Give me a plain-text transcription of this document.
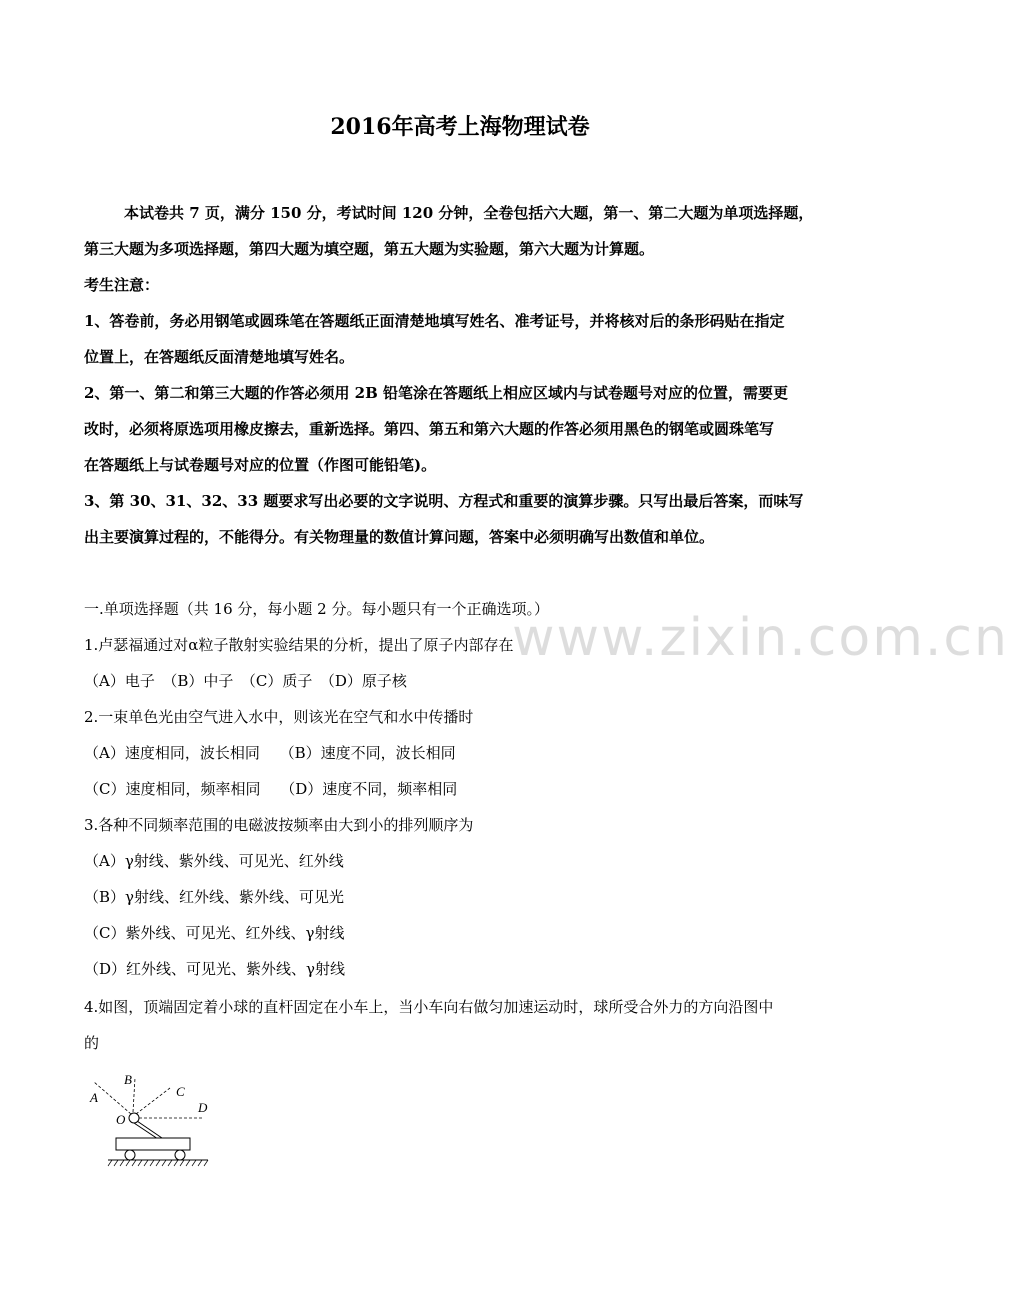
2016年高考上海物理试卷
本试卷共 7 页，满分 150 分，考试时间 120 分钟，全卷包括六大题，第一、第二大题为单项选择题，
第三大题为多项选择题，第四大题为填空题，第五大题为实验题，第六大题为计算题。
考生注意：
1、答卷前，务必用钢笔或圆珠笔在答题纸正面清楚地填写姓名、准考证号，并将核对后的条形码贴在指定
位置上，在答题纸反面清楚地填写姓名。
2、第一、第二和第三大题的作答必须用 2B 铅笔涂在答题纸上相应区域内与试卷题号对应的位置，需要更
改时，必须将原选项用橡皮擦去，重新选择。第四、第五和第六大题的作答必须用黑色的钢笔或圆珠笔写
在答题纸上与试卷题号对应的位置（作图可能铅笔)。
3、第 30、31、32、33 题要求写出必要的文字说明、方程式和重要的演算步骤。只写出最后答案，而味写
出主要演算过程的，不能得分。有关物理量的数值计算问题，答案中必须明确写出数值和单位。
一.单项选择题（共 16 分，每小题 2 分。每小题只有一个正确选项。）
1.卢瑟福通过对α粒子散射实验结果的分析，提出了原子内部存在
（A）电子　（B）中子　（C）质子　（D）原子核
2.一束单色光由空气进入水中，则该光在空气和水中传播时
（A）速度相同，波长相同　 （B）速度不同，波长相同
（C）速度相同，频率相同　 （D）速度不同，频率相同
3.各种不同频率范围的电磁波按频率由大到小的排列顺序为
（A）γ射线、紫外线、可见光、红外线
（B）γ射线、红外线、紫外线、可见光
（C）紫外线、可见光、红外线、γ射线
（D）红外线、可见光、紫外线、γ射线
4.如图，顶端固定着小球的直杆固定在小车上，当小车向右做匀加速运动时，球所受合外力的方向沿图中
的
A
B
C
D
O
www.zixin.com.cn
